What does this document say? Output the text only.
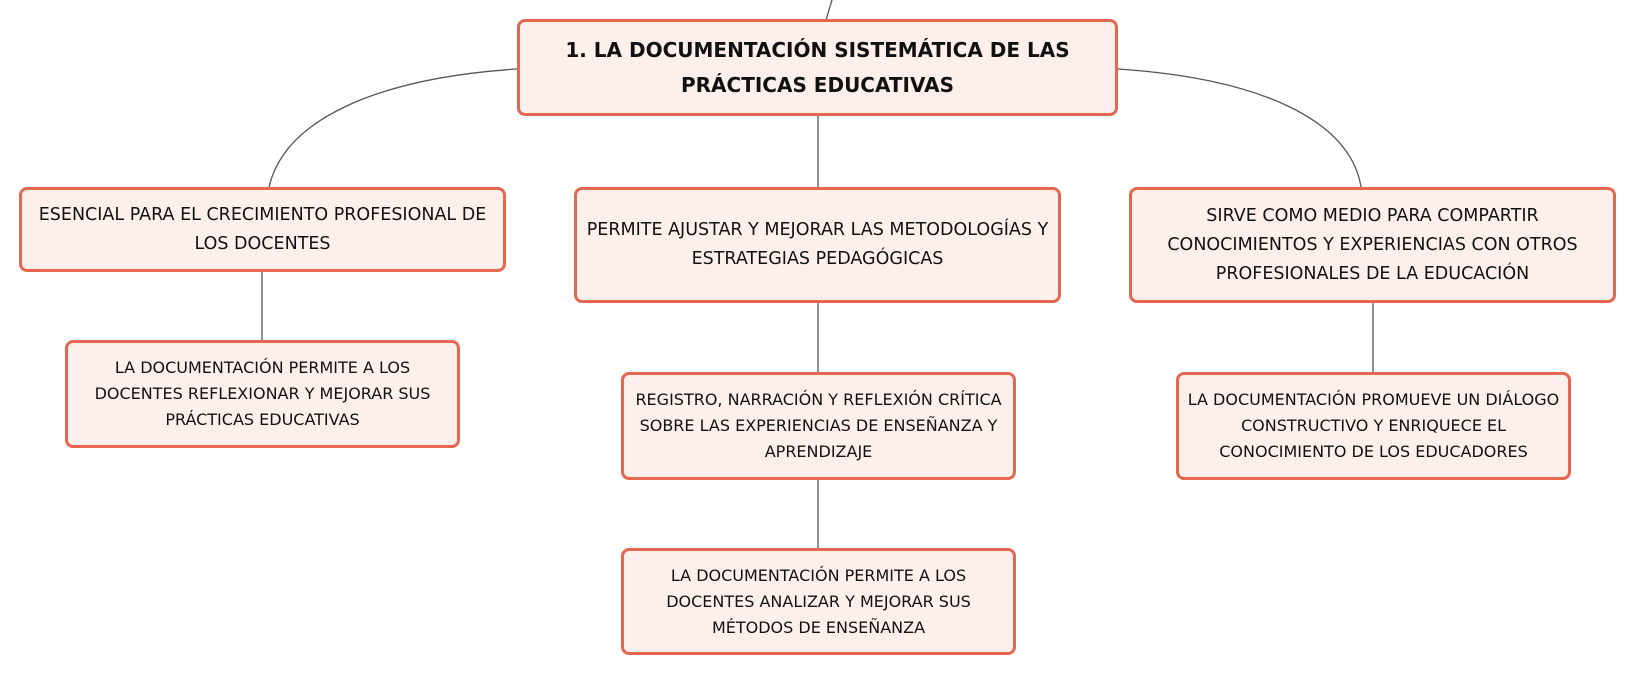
1. LA DOCUMENTACIÓN SISTEMÁTICA DE LAS PRÁCTICAS EDUCATIVAS
ESENCIAL PARA EL CRECIMIENTO PROFESIONAL DE LOS DOCENTES
PERMITE AJUSTAR Y MEJORAR LAS METODOLOGÍAS Y ESTRATEGIAS PEDAGÓGICAS
SIRVE COMO MEDIO PARA COMPARTIR CONOCIMIENTOS Y EXPERIENCIAS CON OTROS PROFESIONALES DE LA EDUCACIÓN
LA DOCUMENTACIÓN PERMITE A LOS DOCENTES REFLEXIONAR Y MEJORAR SUS PRÁCTICAS EDUCATIVAS
REGISTRO, NARRACIÓN Y REFLEXIÓN CRÍTICA SOBRE LAS EXPERIENCIAS DE ENSEÑANZA Y APRENDIZAJE
LA DOCUMENTACIÓN PERMITE A LOS DOCENTES ANALIZAR Y MEJORAR SUS MÉTODOS DE ENSEÑANZA
LA DOCUMENTACIÓN PROMUEVE UN DIÁLOGO CONSTRUCTIVO Y ENRIQUECE EL CONOCIMIENTO DE LOS EDUCADORES
